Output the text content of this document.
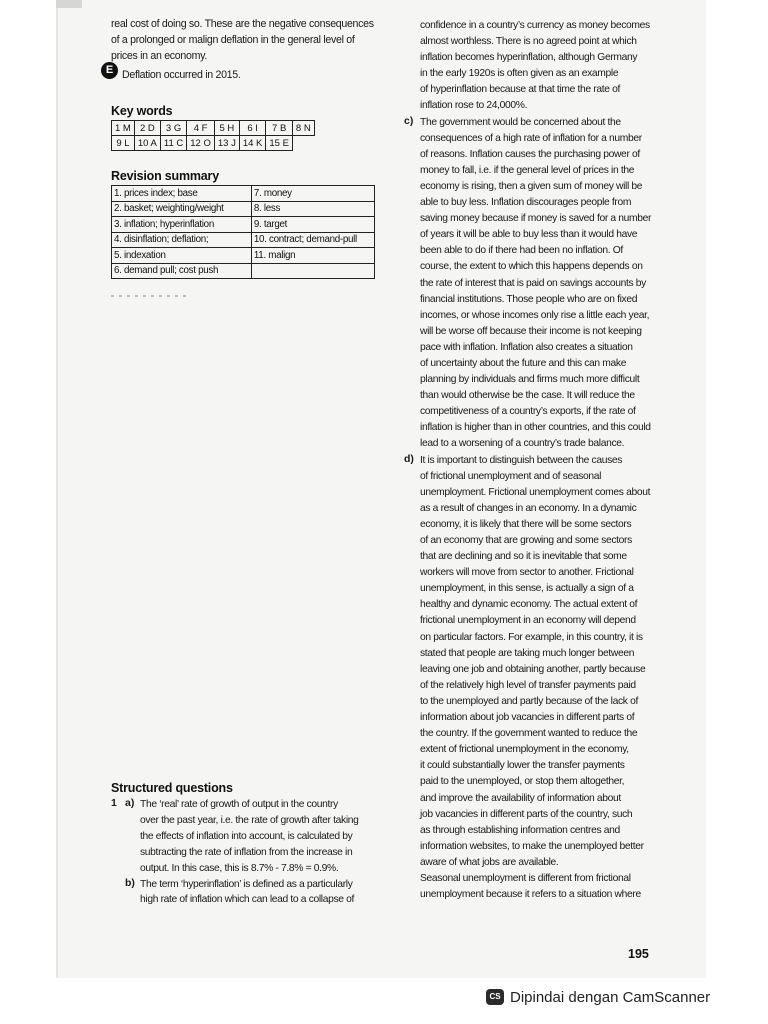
real cost of doing so. These are the negative consequences

of a prolonged or malign deflation in the general level of

prices in an economy.

E Deflation occurred in 2015.

Key words

1 M	2 D	3 G	4 F	5 H	6 I	7 B	8 N
9 L	10 A	11 C	12 O	13 J	14 K	15 E	

Revision summary

1. prices index; base	7. money
2. basket; weighting/weight	8. less
3. inflation; hyperinflation	9. target
4. disinflation; deflation;	10. contract; demand-pull
5. indexation	11. malign
6. demand pull; cost push	

Structured questions

1 a) The ‘real’ rate of growth of output in the country
over the past year, i.e. the rate of growth after taking
the effects of inflation into account, is calculated by
subtracting the rate of inflation from the increase in
output. In this case, this is 8.7% - 7.8% = 0.9%.
b) The term ‘hyperinflation’ is defined as a particularly
high rate of inflation which can lead to a collapse of
confidence in a country’s currency as money becomes
almost worthless. There is no agreed point at which
inflation becomes hyperinflation, although Germany
in the early 1920s is often given as an example
of hyperinflation because at that time the rate of
inflation rose to 24,000%.
c) The government would be concerned about the
consequences of a high rate of inflation for a number
of reasons. Inflation causes the purchasing power of
money to fall, i.e. if the general level of prices in the
economy is rising, then a given sum of money will be
able to buy less. Inflation discourages people from
saving money because if money is saved for a number
of years it will be able to buy less than it would have
been able to do if there had been no inflation. Of
course, the extent to which this happens depends on
the rate of interest that is paid on savings accounts by
financial institutions. Those people who are on fixed
incomes, or whose incomes only rise a little each year,
will be worse off because their income is not keeping
pace with inflation. Inflation also creates a situation
of uncertainty about the future and this can make
planning by individuals and firms much more difficult
than would otherwise be the case. It will reduce the
competitiveness of a country’s exports, if the rate of
inflation is higher than in other countries, and this could
lead to a worsening of a country’s trade balance.
d) It is important to distinguish between the causes
of frictional unemployment and of seasonal
unemployment. Frictional unemployment comes about
as a result of changes in an economy. In a dynamic
economy, it is likely that there will be some sectors
of an economy that are growing and some sectors
that are declining and so it is inevitable that some
workers will move from sector to another. Frictional
unemployment, in this sense, is actually a sign of a
healthy and dynamic economy. The actual extent of
frictional unemployment in an economy will depend
on particular factors. For example, in this country, it is
stated that people are taking much longer between
leaving one job and obtaining another, partly because
of the relatively high level of transfer payments paid
to the unemployed and partly because of the lack of
information about job vacancies in different parts of
the country. If the government wanted to reduce the
extent of frictional unemployment in the economy,
it could substantially lower the transfer payments
paid to the unemployed, or stop them altogether,
and improve the availability of information about
job vacancies in different parts of the country, such
as through establishing information centres and
information websites, to make the unemployed better
aware of what jobs are available.
Seasonal unemployment is different from frictional
unemployment because it refers to a situation where
195
CS Dipindai dengan CamScanner
